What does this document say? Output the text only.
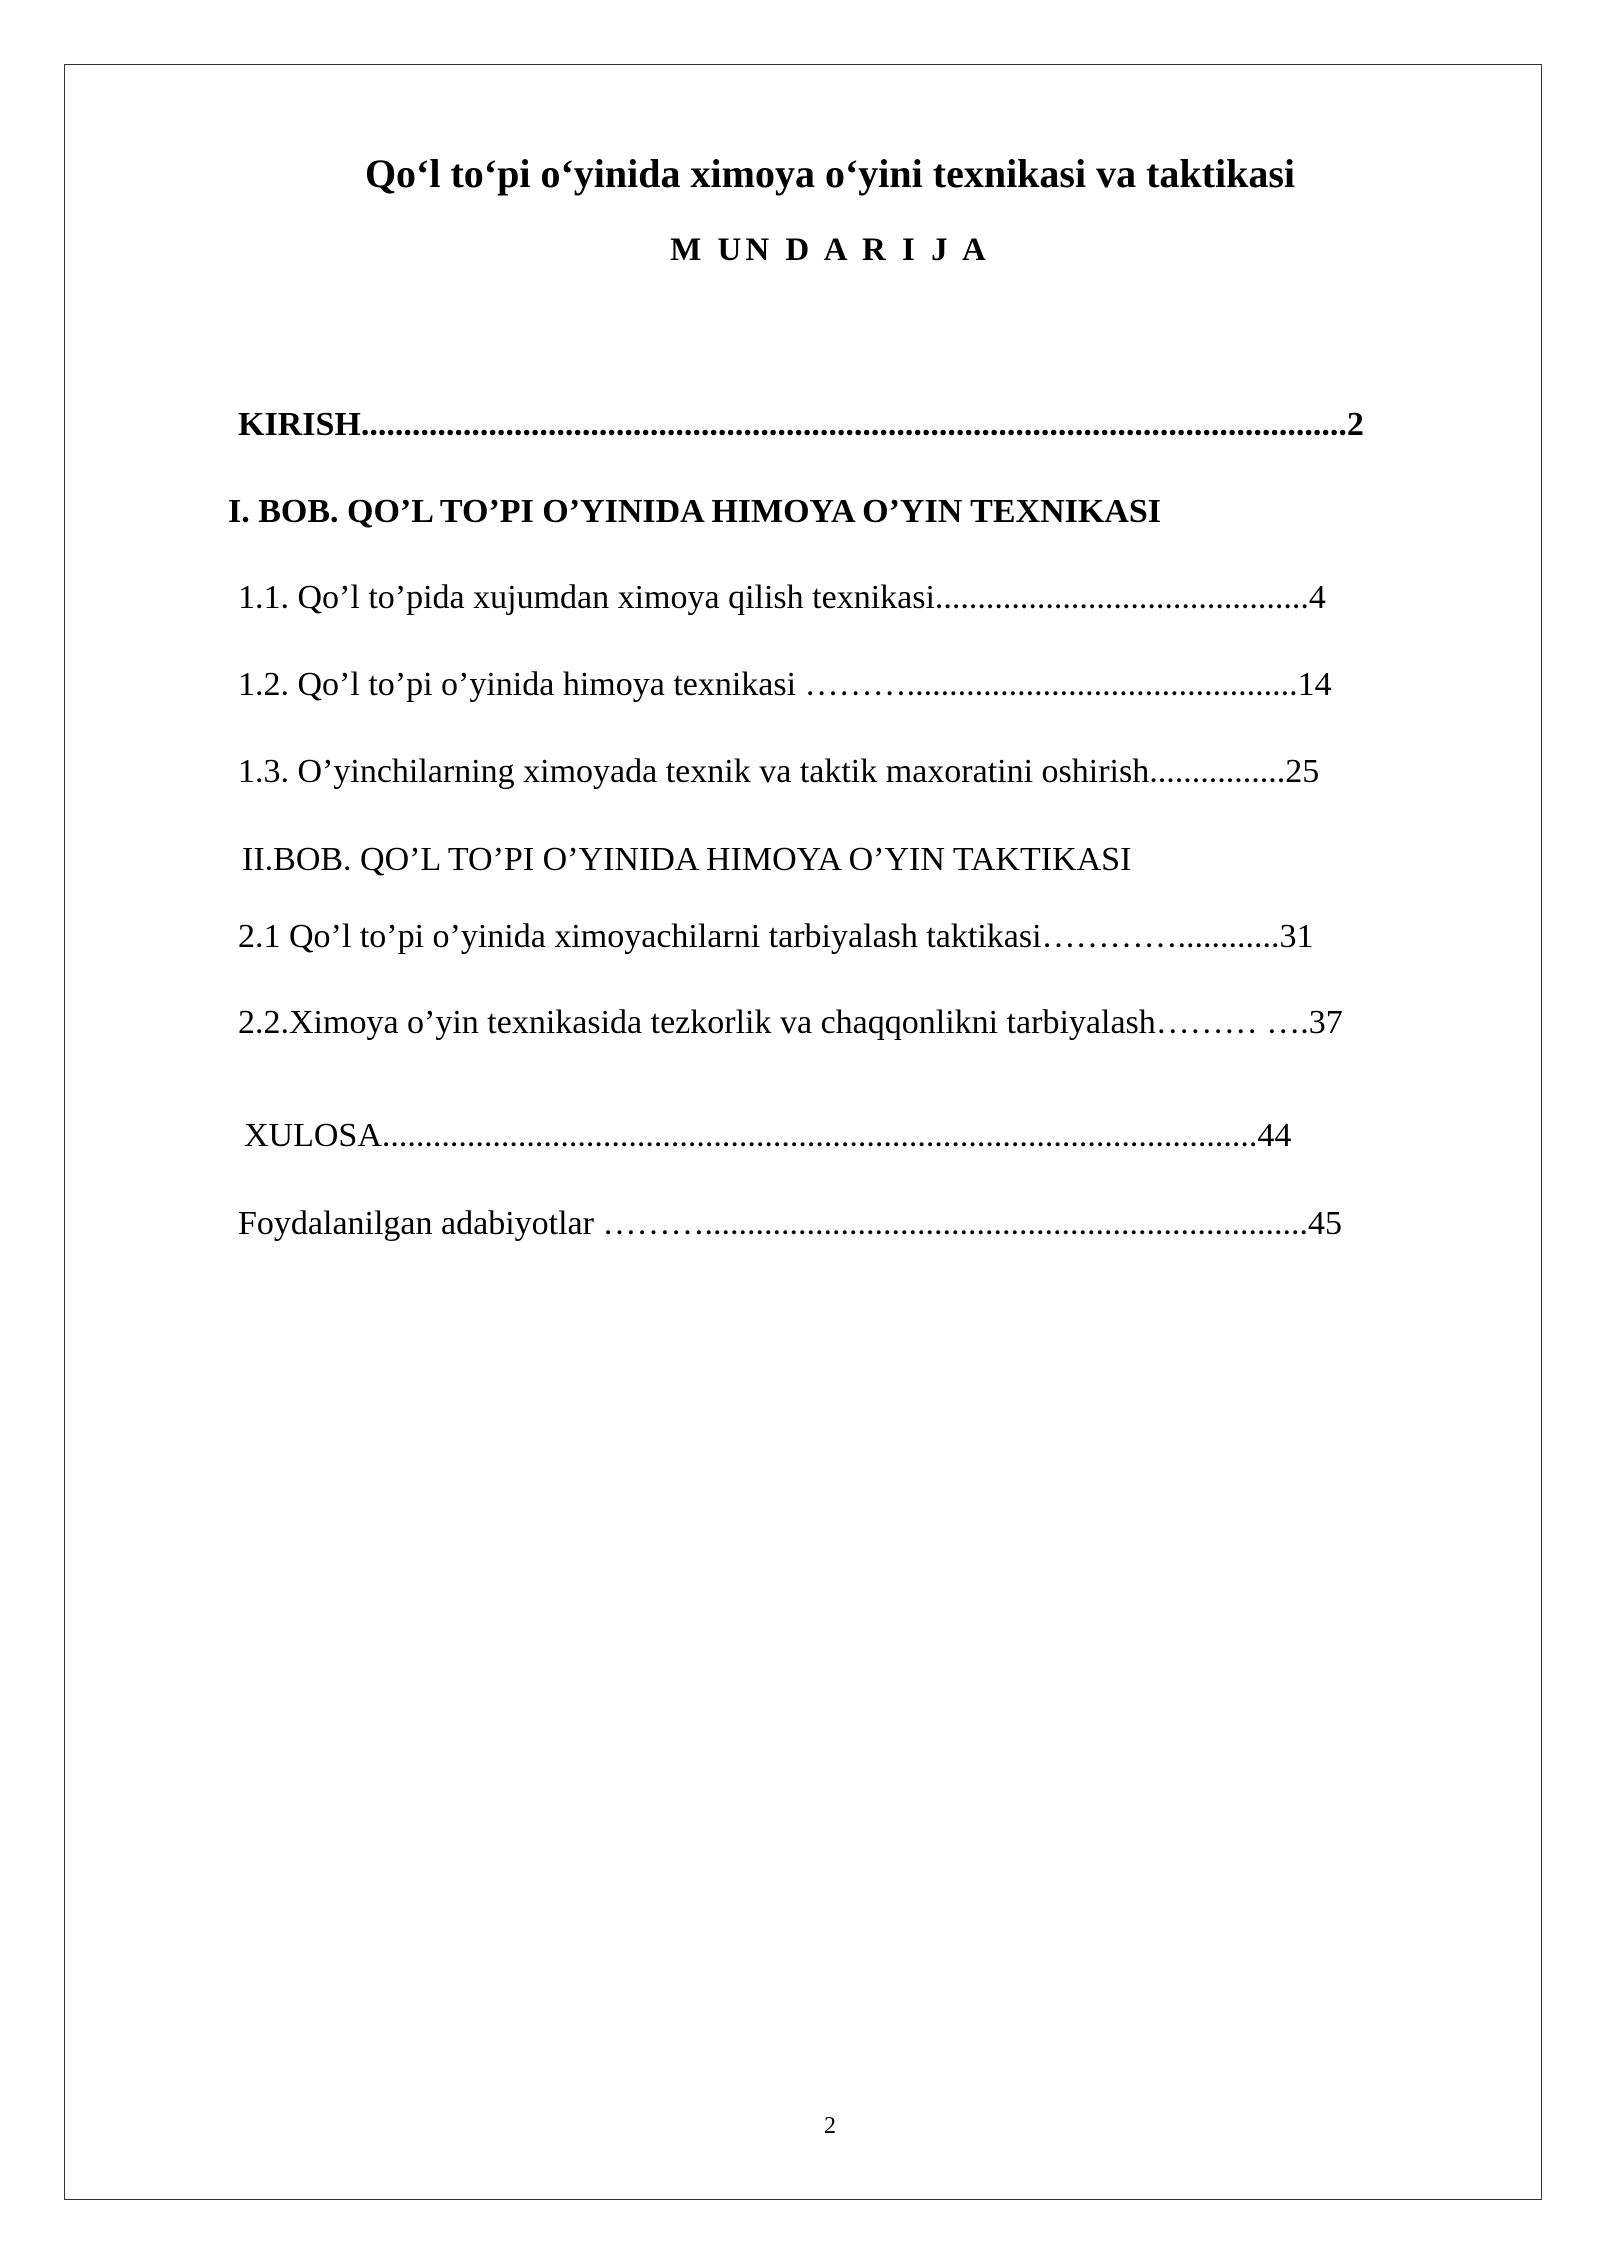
Qo‘l to‘pi o‘yinida ximoya o‘yini texnikasi va taktikasi
M UN D A R I J A
KIRISH....................................................................................................................2
I. BOB. QO’L TO’PI O’YINIDA HIMOYA O’YIN TEXNIKASI
1.1. Qo’l to’pida xujumdan ximoya qilish texnikasi............................................4
1.2. Qo’l to’pi o’yinida himoya texnikasi ………..............................................14
1.3. O’yinchilarning ximoyada texnik va taktik maxoratini oshirish................25
II.BOB. QO’L TO’PI O’YINIDA HIMOYA O’YIN TAKTIKASI
2.1 Qo’l to’pi o’yinida ximoyachilarni tarbiyalash taktikasi…………............31
2.2.Ximoya o’yin texnikasida tezkorlik va chaqqonlikni tarbiyalash……… ….37
XULOSA.......................................................................................................44
Foydalanilgan adabiyotlar ……….......................................................................45
2
